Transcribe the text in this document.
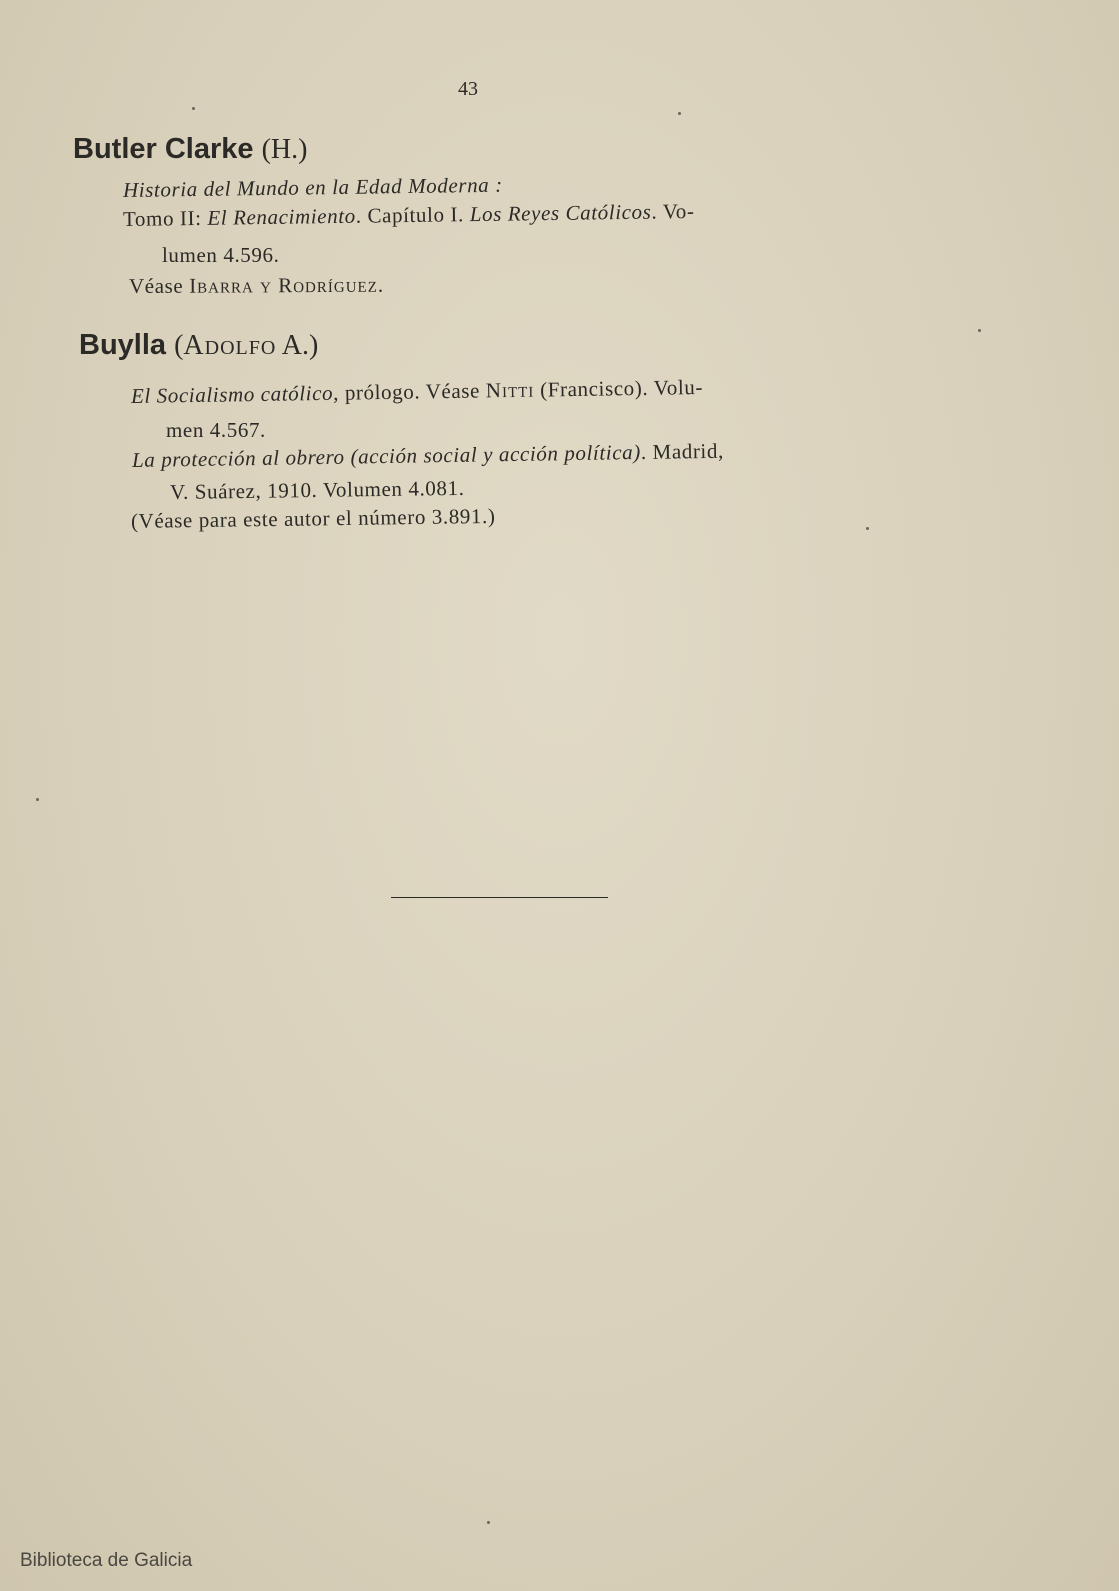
43
Butler Clarke (H.)
Historia del Mundo en la Edad Moderna :
Tomo II: El Renacimiento. Capítulo I. Los Reyes Católicos. Vo-
lumen 4.596.
Véase Ibarra y Rodríguez.
Buylla (Adolfo A.)
El Socialismo católico, prólogo. Véase Nitti (Francisco). Volu-
men 4.567.
La protección al obrero (acción social y acción política). Madrid,
V. Suárez, 1910. Volumen 4.081.
(Véase para este autor el número 3.891.)
Biblioteca de Galicia
